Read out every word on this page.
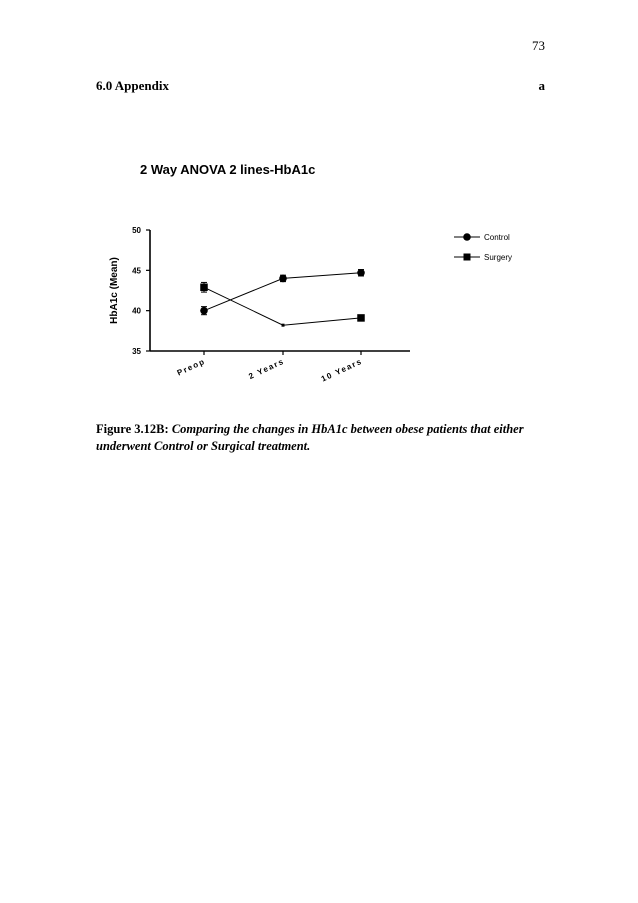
73
6.0 Appendix	a
2 Way ANOVA 2 lines-HbA1c
35
40
45
50
HbA1c (Mean)
Preop	2 Years	10 Years
Control
Surgery
Figure 3.12B: Comparing the changes in HbA1c between obese patients that either underwent Control or Surgical treatment.
